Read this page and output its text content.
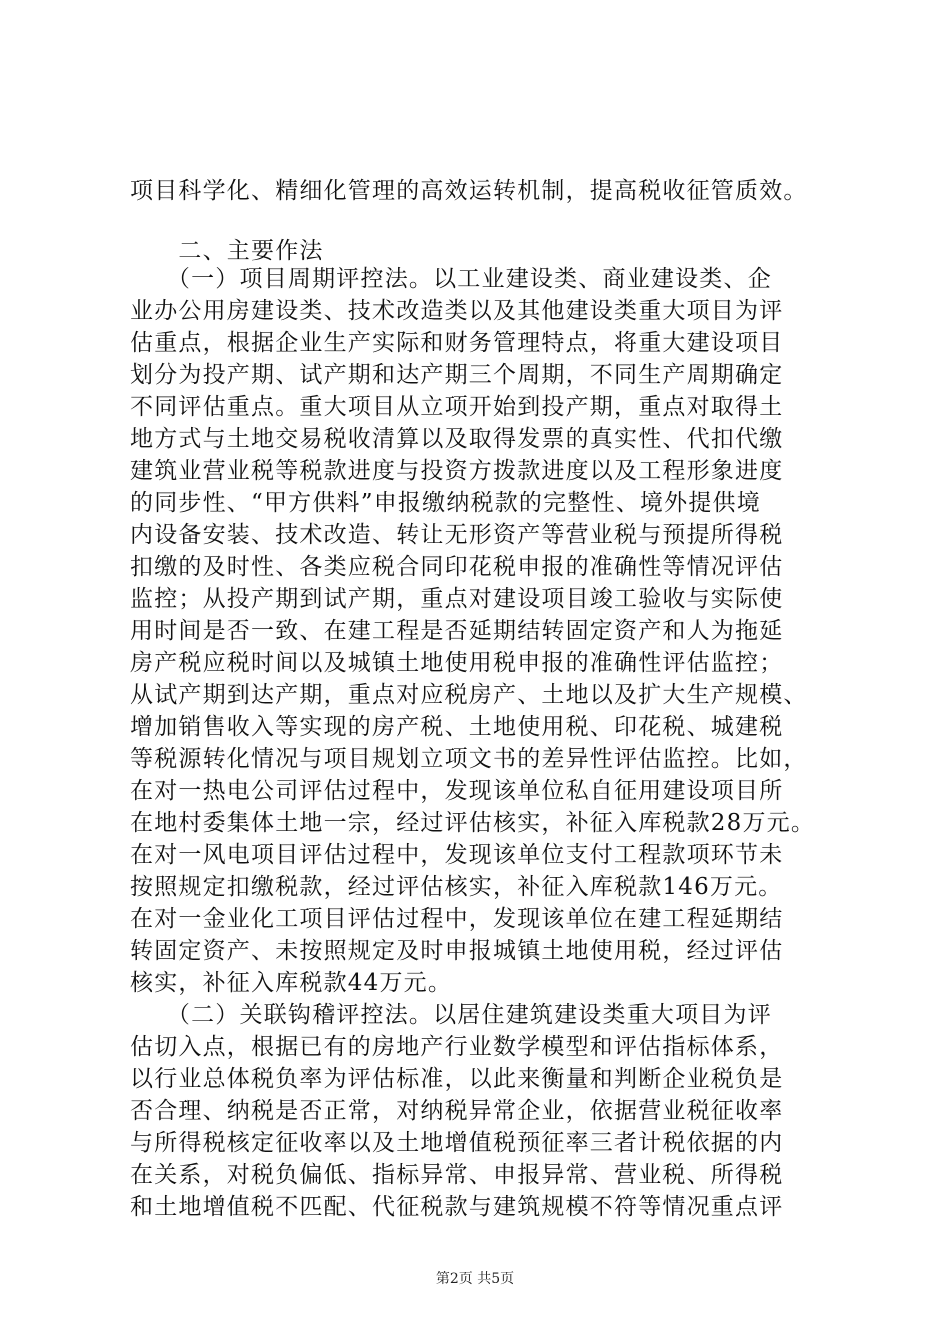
项目科学化、精细化管理的高效运转机制，提高税收征管质效。
　　二、主要作法
　　（一）项目周期评控法。以工业建设类、商业建设类、企
业办公用房建设类、技术改造类以及其他建设类重大项目为评
估重点，根据企业生产实际和财务管理特点，将重大建设项目
划分为投产期、试产期和达产期三个周期，不同生产周期确定
不同评估重点。重大项目从立项开始到投产期，重点对取得土
地方式与土地交易税收清算以及取得发票的真实性、代扣代缴
建筑业营业税等税款进度与投资方拨款进度以及工程形象进度
的同步性、“甲方供料”申报缴纳税款的完整性、境外提供境
内设备安装、技术改造、转让无形资产等营业税与预提所得税
扣缴的及时性、各类应税合同印花税申报的准确性等情况评估
监控；从投产期到试产期，重点对建设项目竣工验收与实际使
用时间是否一致、在建工程是否延期结转固定资产和人为拖延
房产税应税时间以及城镇土地使用税申报的准确性评估监控；
从试产期到达产期，重点对应税房产、土地以及扩大生产规模、
增加销售收入等实现的房产税、土地使用税、印花税、城建税
等税源转化情况与项目规划立项文书的差异性评估监控。比如，
在对一热电公司评估过程中，发现该单位私自征用建设项目所
在地村委集体土地一宗，经过评估核实，补征入库税款28万元。
在对一风电项目评估过程中，发现该单位支付工程款项环节未
按照规定扣缴税款，经过评估核实，补征入库税款146万元。
在对一金业化工项目评估过程中，发现该单位在建工程延期结
转固定资产、未按照规定及时申报城镇土地使用税，经过评估
核实，补征入库税款44万元。
　　（二）关联钩稽评控法。以居住建筑建设类重大项目为评
估切入点，根据已有的房地产行业数学模型和评估指标体系，
以行业总体税负率为评估标准，以此来衡量和判断企业税负是
否合理、纳税是否正常，对纳税异常企业，依据营业税征收率
与所得税核定征收率以及土地增值税预征率三者计税依据的内
在关系，对税负偏低、指标异常、申报异常、营业税、所得税
和土地增值税不匹配、代征税款与建筑规模不符等情况重点评
第2页 共5页
